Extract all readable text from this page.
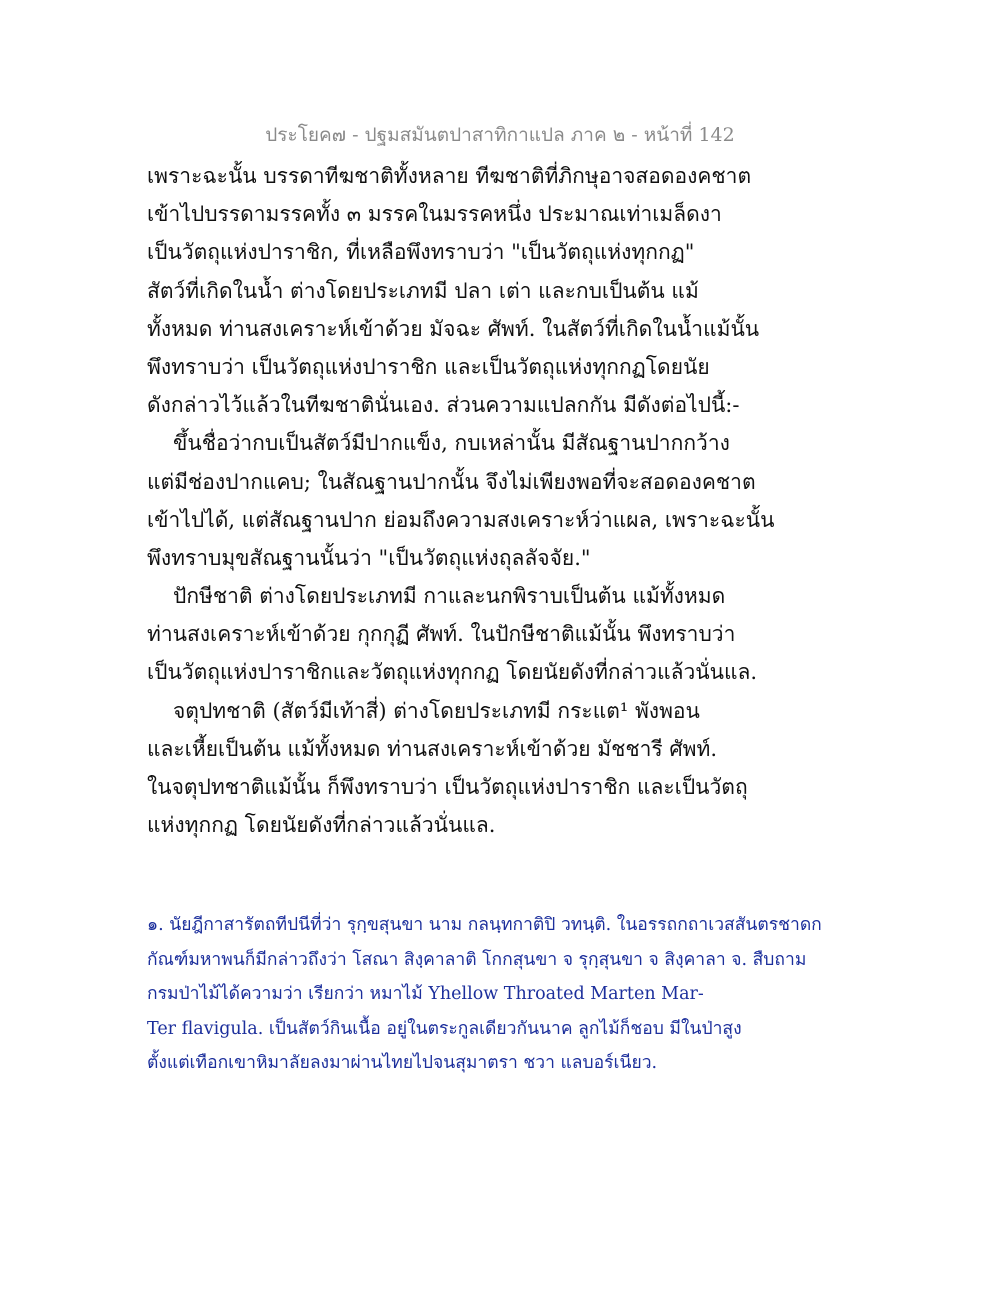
ประโยค๗ - ปฐมสมันตปาสาทิกาแปล ภาค ๒ - หน้าที่ 142
เพราะฉะนั้น บรรดาทีฆชาติทั้งหลาย ทีฆชาติที่ภิกษุอาจสอดองคชาต
เข้าไปบรรดามรรคทั้ง ๓ มรรคในมรรคหนึ่ง ประมาณเท่าเมล็ดงา
เป็นวัตถุแห่งปาราชิก, ที่เหลือพึงทราบว่า "เป็นวัตถุแห่งทุกกฏ"
สัตว์ที่เกิดในน้ำ ต่างโดยประเภทมี ปลา เต่า และกบเป็นต้น แม้
ทั้งหมด ท่านสงเคราะห์เข้าด้วย มัจฉะ ศัพท์. ในสัตว์ที่เกิดในน้ำแม้นั้น
พึงทราบว่า เป็นวัตถุแห่งปาราชิก และเป็นวัตถุแห่งทุกกฏโดยนัย
ดังกล่าวไว้แล้วในทีฆชาตินั่นเอง. ส่วนความแปลกกัน มีดังต่อไปนี้:-
ขึ้นชื่อว่ากบเป็นสัตว์มีปากแข็ง, กบเหล่านั้น มีสัณฐานปากกว้าง
แต่มีช่องปากแคบ; ในสัณฐานปากนั้น จึงไม่เพียงพอที่จะสอดองคชาต
เข้าไปได้, แต่สัณฐานปาก ย่อมถึงความสงเคราะห์ว่าแผล, เพราะฉะนั้น
พึงทราบมุขสัณฐานนั้นว่า "เป็นวัตถุแห่งถุลลัจจัย."
ปักษีชาติ ต่างโดยประเภทมี กาและนกพิราบเป็นต้น แม้ทั้งหมด
ท่านสงเคราะห์เข้าด้วย กุกกุฏี ศัพท์. ในปักษีชาติแม้นั้น พึงทราบว่า
เป็นวัตถุแห่งปาราชิกและวัตถุแห่งทุกกฏ โดยนัยดังที่กล่าวแล้วนั่นแล.
จตุปทชาติ (สัตว์มีเท้าสี่) ต่างโดยประเภทมี กระแต¹ พังพอน
และเหี้ยเป็นต้น แม้ทั้งหมด ท่านสงเคราะห์เข้าด้วย มัชชารี ศัพท์.
ในจตุปทชาติแม้นั้น ก็พึงทราบว่า เป็นวัตถุแห่งปาราชิก และเป็นวัตถุ
แห่งทุกกฏ โดยนัยดังที่กล่าวแล้วนั่นแล.
๑. นัยฎีกาสารัตถทีปนีที่ว่า รุกฺขสุนขา นาม กลนฺทกาติปิ วทนฺติ. ในอรรถกถาเวสสันตรชาดก
กัณฑ์มหาพนก็มีกล่าวถึงว่า โสณา สิงฺคาลาติ โกกสุนขา จ รุกฺสุนขา จ สิงฺคาลา จ. สืบถาม
กรมป่าไม้ได้ความว่า เรียกว่า หมาไม้ Yhellow Throated Marten Mar-
Ter flavigula. เป็นสัตว์กินเนื้อ อยู่ในตระกูลเดียวกันนาค ลูกไม้ก็ชอบ มีในป่าสูง
ตั้งแต่เทือกเขาหิมาลัยลงมาผ่านไทยไปจนสุมาตรา ชวา แลบอร์เนียว.
